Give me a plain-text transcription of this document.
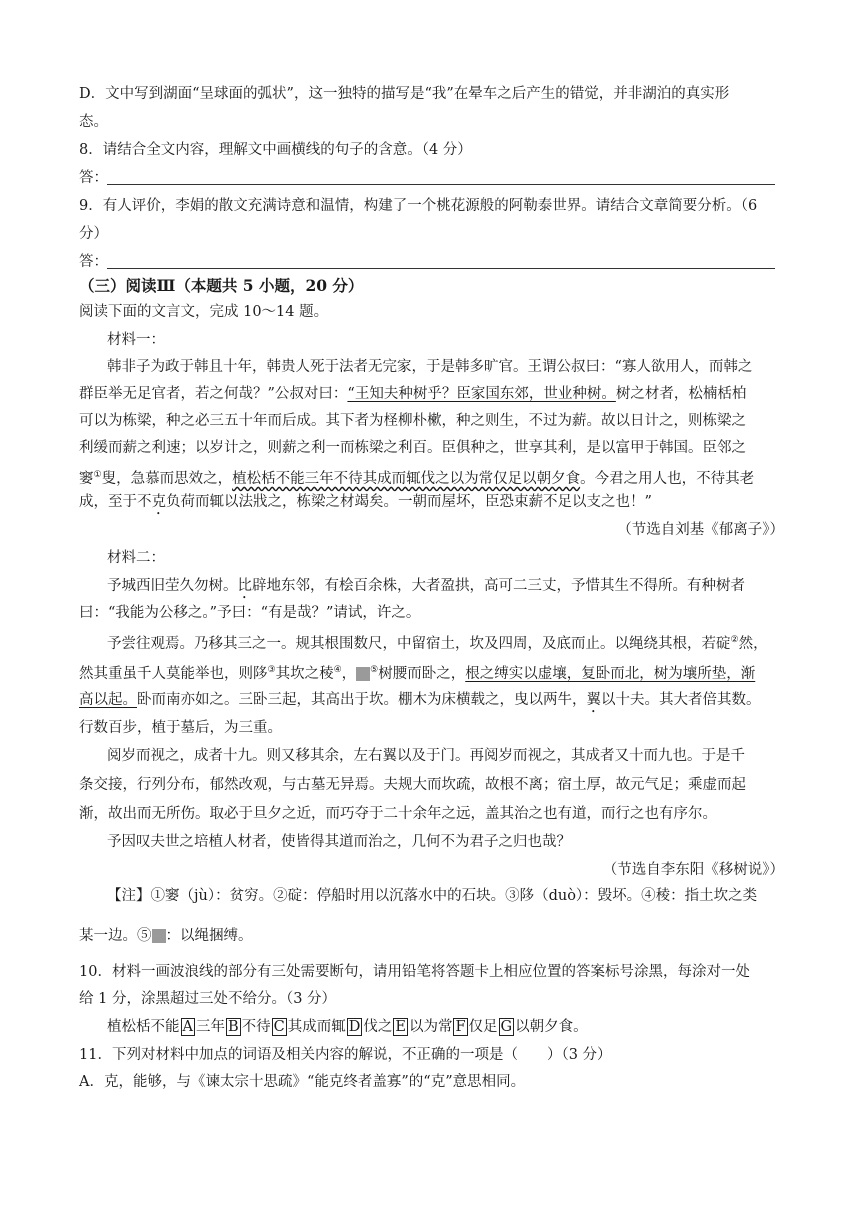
D．文中写到湖面“呈球面的弧状”，这一独特的描写是“我”在晕车之后产生的错觉，并非湖泊的真实形
态。
8．请结合全文内容，理解文中画横线的句子的含意。（4 分）
答：
9．有人评价，李娟的散文充满诗意和温情，构建了一个桃花源般的阿勒泰世界。请结合文章简要分析。（6
分）
答：
（三）阅读Ⅲ（本题共 5 小题，20 分）
阅读下面的文言文，完成 10～14 题。
材料一：
韩非子为政于韩且十年，韩贵人死于法者无完家，于是韩多旷官。王谓公叔曰：“寡人欲用人，而韩之
群臣举无足官者，若之何哉？”公叔对曰：“王知夫种树乎？臣家国东郊，世业种树。树之材者，松楠栝柏
可以为栋梁，种之必三五十年而后成。其下者为柽柳朴樕，种之则生，不过为薪。故以日计之，则栋梁之
利缓而薪之利速；以岁计之，则薪之利一而栋梁之利百。臣俱种之，世享其利，是以富甲于韩国。臣邻之
窭①叟，急慕而思效之，植松栝不能三年不待其成而辄伐之以为常仅足以朝夕食。今君之用人也，不待其老
成，至于不克负荷而辄以法戕之，栋梁之材竭矣。一朝而屋坏，臣恐束薪不足以支之也！”
（节选自刘基《郁离子》）
材料二：
予城西旧茔久勿树。比辟地东邻，有桧百余株，大者盈拱，高可二三丈，予惜其生不得所。有种树者
曰：“我能为公移之。”予曰：“有是哉？”请试，许之。
予尝往观焉。乃移其三之一。规其根围数尺，中留宿土，坎及四周，及底而止。以绳绕其根，若碇②然，
然其重虽千人莫能举也，则陊③其坎之稜④， ⑤树腰而卧之，根之缚实以虚壤，复卧而北，树为壤所垫，渐
高以起。卧而南亦如之。三卧三起，其高出于坎。棚木为床横载之，曳以两牛，翼以十夫。其大者倍其数。
行数百步，植于墓后，为三重。
阅岁而视之，成者十九。则又移其余，左右翼以及于门。再阅岁而视之，其成者又十而九也。于是千
条交接，行列分布，郁然改观，与古墓无异焉。夫规大而坎疏，故根不离；宿土厚，故元气足；乘虚而起
渐，故出而无所伤。取必于旦夕之近，而巧夺于二十余年之远，盖其治之也有道，而行之也有序尔。
予因叹夫世之培植人材者，使皆得其道而治之，几何不为君子之归也哉？
（节选自李东阳《移树说》）
【注】①窭（jù）：贫穷。②碇：停船时用以沉落水中的石块。③陊（duò）：毁坏。④稜：指土坎之类
某一边。⑤ ：以绳捆缚。
10．材料一画波浪线的部分有三处需要断句，请用铅笔将答题卡上相应位置的答案标号涂黑，每涂对一处
给 1 分，涂黑超过三处不给分。（3 分）
植松栝不能 A 三年 B 不待 C 其成而辄 D 伐之 E 以为常 F 仅足 G 以朝夕食。
11．下列对材料中加点的词语及相关内容的解说，不正确的一项是（　　）（3 分）
A．克，能够，与《谏太宗十思疏》“能克终者盖寡”的“克”意思相同。
